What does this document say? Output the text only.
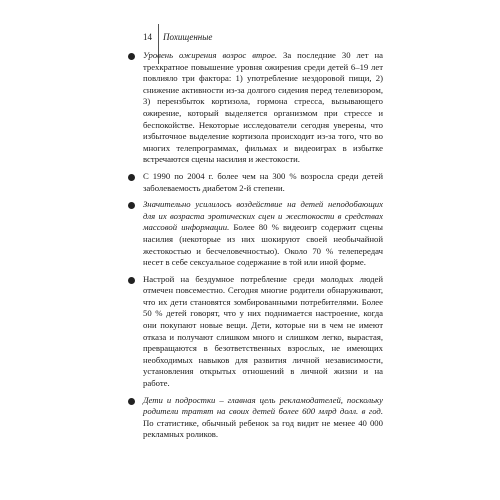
14 Похищенные

Уровень ожирения возрос втрое. За последние 30 лет на трехкратное повышение уровня ожирения среди детей 6–19 лет повлияло три фактора: 1) употребление нездоровой пищи, 2) снижение активности из-за долгого сидения перед телевизором, 3) перензбыток кортизола, гормона стресса, вызывающего ожирение, который выделяется организмом при стрессе и беспокойстве. Некоторые исследователи сегодня уверены, что избыточное выделение кортизола происходит из-за того, что во многих телепрограммах, фильмах и видеоиграх в избытке встречаются сцены насилия и жестокости.

С 1990 по 2004 г. более чем на 300 % возросла среди детей заболеваемость диабетом 2-й степени.

Значительно усилилось воздействие на детей неподобающих для их возраста эротических сцен и жестокости в средствах массовой информации. Более 80 % видеоигр содержит сцены насилия (некоторые из них шокируют своей необычайной жестокостью и бесчеловечностью). Около 70 % телепередач несет в себе сексуальное содержание в той или иной форме.

Настрой на бездумное потребление среди молодых людей отмечен повсеместно. Сегодня многие родители обнаруживают, что их дети становятся зомбированными потребителями. Более 50 % детей говорят, что у них поднимается настроение, когда они покупают новые вещи. Дети, которые ни в чем не имеют отказа и получают слишком много и слишком легко, вырастая, превращаются в безответственных взрослых, не имеющих необходимых навыков для развития личной независимости, установления открытых отношений в личной жизни и на работе.

Дети и подростки – главная цель рекламодателей, поскольку родители тратят на своих детей более 600 млрд долл. в год. По статистике, обычный ребенок за год видит не менее 40 000 рекламных роликов.
